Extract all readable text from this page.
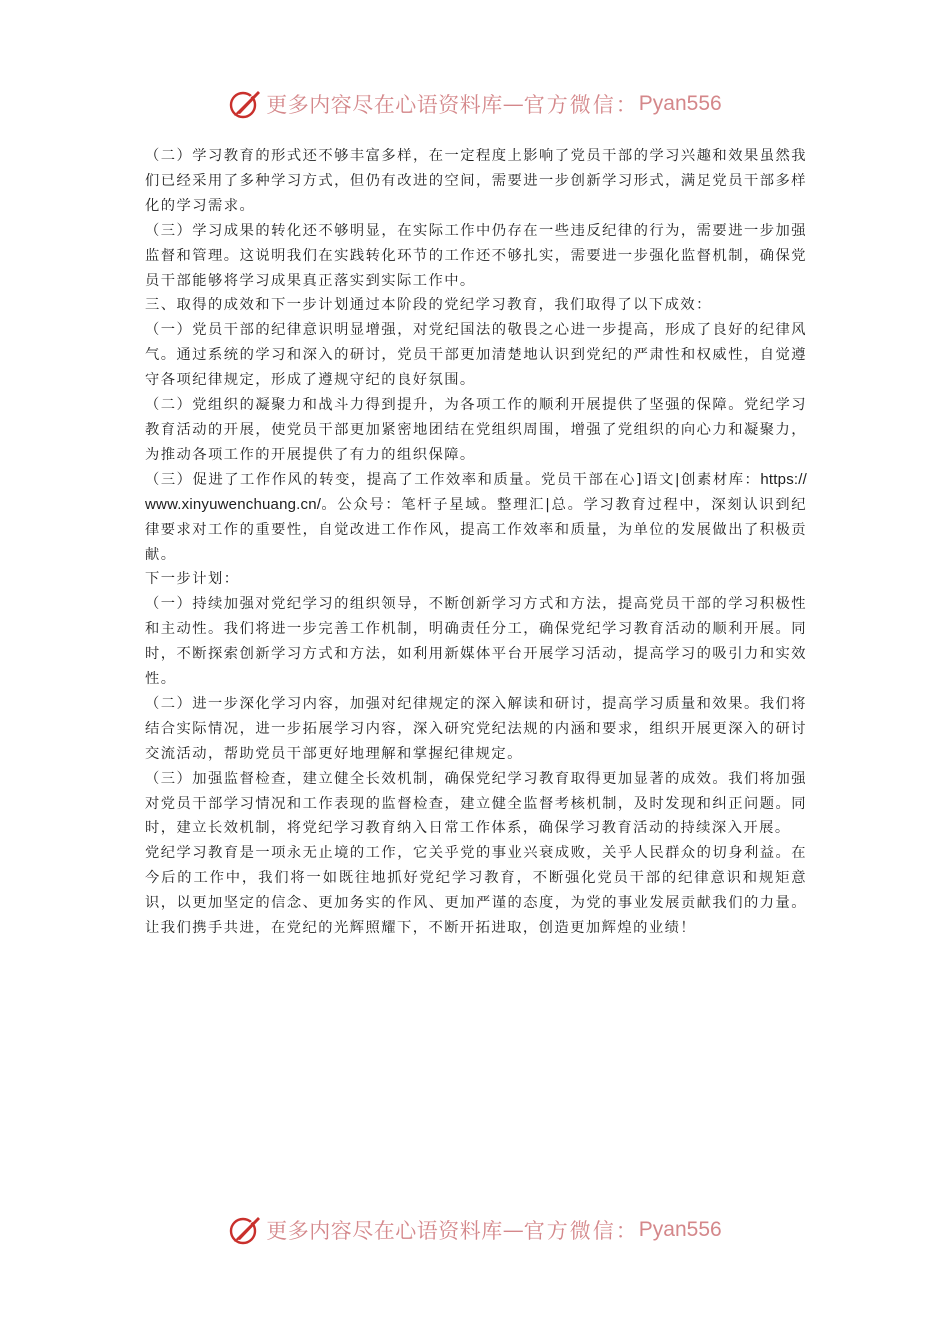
更多内容尽在心语资料库 — 官方微信： Pyan556

（二）学习教育的形式还不够丰富多样，在一定程度上影响了党员干部的学习兴趣和效果虽然我们已经采用了多种学习方式，但仍有改进的空间，需要进一步创新学习形式，满足党员干部多样化的学习需求。

（三）学习成果的转化还不够明显，在实际工作中仍存在一些违反纪律的行为，需要进一步加强监督和管理。这说明我们在实践转化环节的工作还不够扎实，需要进一步强化监督机制，确保党员干部能够将学习成果真正落实到实际工作中。

三、取得的成效和下一步计划通过本阶段的党纪学习教育，我们取得了以下成效：

（一）党员干部的纪律意识明显增强，对党纪国法的敬畏之心进一步提高，形成了良好的纪律风气。通过系统的学习和深入的研讨，党员干部更加清楚地认识到党纪的严肃性和权威性，自觉遵守各项纪律规定，形成了遵规守纪的良好氛围。

（二）党组织的凝聚力和战斗力得到提升，为各项工作的顺利开展提供了坚强的保障。党纪学习教育活动的开展，使党员干部更加紧密地团结在党组织周围，增强了党组织的向心力和凝聚力，为推动各项工作的开展提供了有力的组织保障。

（三）促进了工作作风的转变，提高了工作效率和质量。党员干部在心]语文|创素材库：https://www.xinyuwenchuang.cn/。公众号：笔杆子星域。整理汇|总。学习教育过程中，深刻认识到纪律要求对工作的重要性，自觉改进工作作风，提高工作效率和质量，为单位的发展做出了积极贡献。

下一步计划：

（一）持续加强对党纪学习的组织领导，不断创新学习方式和方法，提高党员干部的学习积极性和主动性。我们将进一步完善工作机制，明确责任分工，确保党纪学习教育活动的顺利开展。同时，不断探索创新学习方式和方法，如利用新媒体平台开展学习活动，提高学习的吸引力和实效性。

（二）进一步深化学习内容，加强对纪律规定的深入解读和研讨，提高学习质量和效果。我们将结合实际情况，进一步拓展学习内容，深入研究党纪法规的内涵和要求，组织开展更深入的研讨交流活动，帮助党员干部更好地理解和掌握纪律规定。

（三）加强监督检查，建立健全长效机制，确保党纪学习教育取得更加显著的成效。我们将加强对党员干部学习情况和工作表现的监督检查，建立健全监督考核机制，及时发现和纠正问题。同时，建立长效机制，将党纪学习教育纳入日常工作体系，确保学习教育活动的持续深入开展。

党纪学习教育是一项永无止境的工作，它关乎党的事业兴衰成败，关乎人民群众的切身利益。在今后的工作中，我们将一如既往地抓好党纪学习教育，不断强化党员干部的纪律意识和规矩意识，以更加坚定的信念、更加务实的作风、更加严谨的态度，为党的事业发展贡献我们的力量。让我们携手共进，在党纪的光辉照耀下，不断开拓进取，创造更加辉煌的业绩！

更多内容尽在心语资料库 — 官方微信： Pyan556
